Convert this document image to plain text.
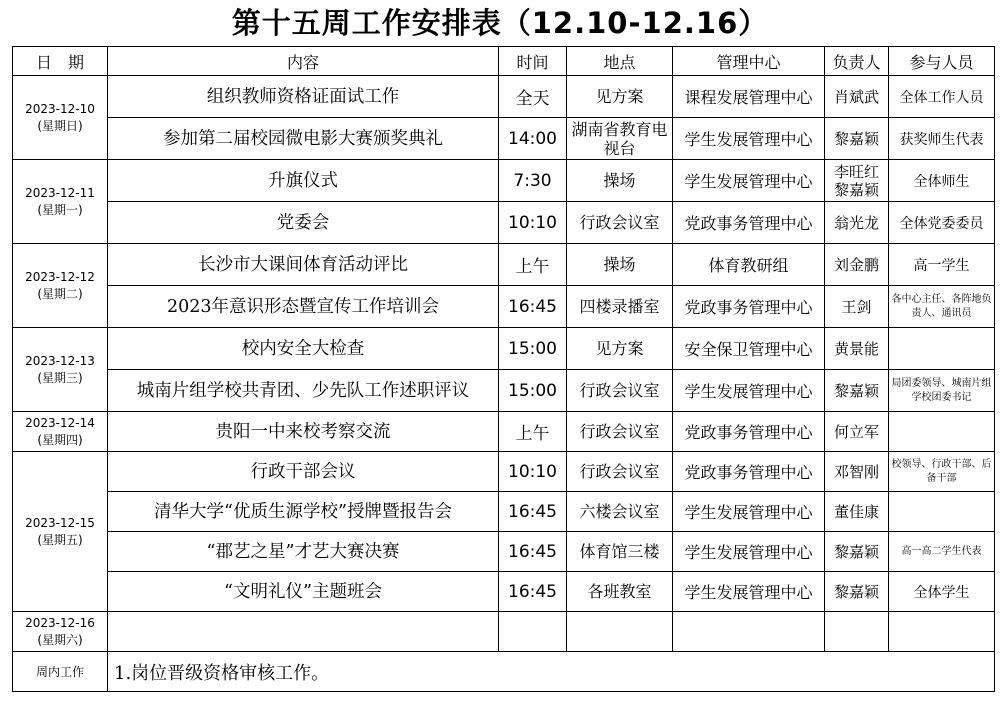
第十五周工作安排表（12.10-12.16）
日　期	内容	时间	地点	管理中心	负责人	参与人员

2023-12-10
(星期日)	组织教师资格证面试工作	全天	见方案	课程发展管理中心	肖斌武	全体工作人员
	参加第二届校园微电影大赛颁奖典礼	14:00	湖南省教育电视台	学生发展管理中心	黎嘉颖	获奖师生代表

2023-12-11
(星期一)	升旗仪式	7:30	操场	学生发展管理中心	李旺红黎嘉颖	全体师生
	党委会	10:10	行政会议室	党政事务管理中心	翁光龙	全体党委委员

2023-12-12
(星期二)	长沙市大课间体育活动评比	上午	操场	体育教研组	刘金鹏	高一学生
	2023年意识形态暨宣传工作培训会	16:45	四楼录播室	党政事务管理中心	王剑	各中心主任、各阵地负责人、通讯员

2023-12-13
(星期三)	校内安全大检查	15:00	见方案	安全保卫管理中心	黄景能	
	城南片组学校共青团、少先队工作述职评议	15:00	行政会议室	学生发展管理中心	黎嘉颖	局团委领导、城南片组学校团委书记

2023-12-14
(星期四)	贵阳一中来校考察交流	上午	行政会议室	党政事务管理中心	何立军	

2023-12-15
(星期五)	行政干部会议	10:10	行政会议室	党政事务管理中心	邓智刚	校领导、行政干部、后备干部
	清华大学“优质生源学校”授牌暨报告会	16:45	六楼会议室	学生发展管理中心	董佳康	
	“郡艺之星”才艺大赛决赛	16:45	体育馆三楼	学生发展管理中心	黎嘉颖	高一高二学生代表
	“文明礼仪”主题班会	16:45	各班教室	学生发展管理中心	黎嘉颖	全体学生

2023-12-16
(星期六)						

周内工作	1.岗位晋级资格审核工作。					
